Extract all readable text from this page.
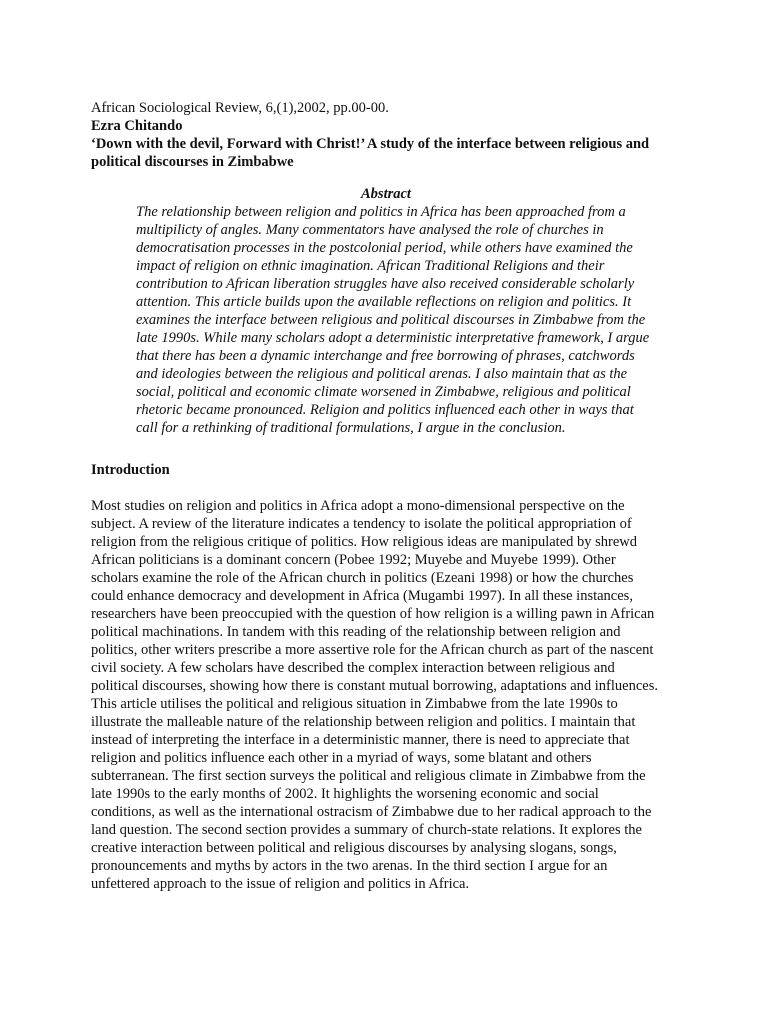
African Sociological Review, 6,(1),2002, pp.00-00.
Ezra Chitando
‘Down with the devil, Forward with Christ!’ A study of the interface between religious and
political discourses in Zimbabwe
Abstract
The relationship between religion and politics in Africa has been approached from a
multipilicty of angles. Many commentators have analysed the role of churches in
democratisation processes in the postcolonial period, while others have examined the
impact of religion on ethnic imagination. African Traditional Religions and their
contribution to African liberation struggles have also received considerable scholarly
attention. This article builds upon the available reflections on religion and politics. It
examines the interface between religious and political discourses in Zimbabwe from the
late 1990s. While many scholars adopt a deterministic interpretative framework, I argue
that there has been a dynamic interchange and free borrowing of phrases, catchwords
and ideologies between the religious and political arenas. I also maintain that as the
social, political and economic climate worsened in Zimbabwe, religious and political
rhetoric became pronounced. Religion and politics influenced each other in ways that
call for a rethinking of traditional formulations, I argue in the conclusion.
Introduction
Most studies on religion and politics in Africa adopt a mono-dimensional perspective on the
subject. A review of the literature indicates a tendency to isolate the political appropriation of
religion from the religious critique of politics. How religious ideas are manipulated by shrewd
African politicians is a dominant concern (Pobee 1992; Muyebe and Muyebe 1999). Other
scholars examine the role of the African church in politics (Ezeani 1998) or how the churches
could enhance democracy and development in Africa (Mugambi 1997). In all these instances,
researchers have been preoccupied with the question of how religion is a willing pawn in African
political machinations. In tandem with this reading of the relationship between religion and
politics, other writers prescribe a more assertive role for the African church as part of the nascent
civil society. A few scholars have described the complex interaction between religious and
political discourses, showing how there is constant mutual borrowing, adaptations and influences.
This article utilises the political and religious situation in Zimbabwe from the late 1990s to
illustrate the malleable nature of the relationship between religion and politics. I maintain that
instead of interpreting the interface in a deterministic manner, there is need to appreciate that
religion and politics influence each other in a myriad of ways, some blatant and others
subterranean. The first section surveys the political and religious climate in Zimbabwe from the
late 1990s to the early months of 2002. It highlights the worsening economic and social
conditions, as well as the international ostracism of Zimbabwe due to her radical approach to the
land question. The second section provides a summary of church-state relations. It explores the
creative interaction between political and religious discourses by analysing slogans, songs,
pronouncements and myths by actors in the two arenas. In the third section I argue for an
unfettered approach to the issue of religion and politics in Africa.
